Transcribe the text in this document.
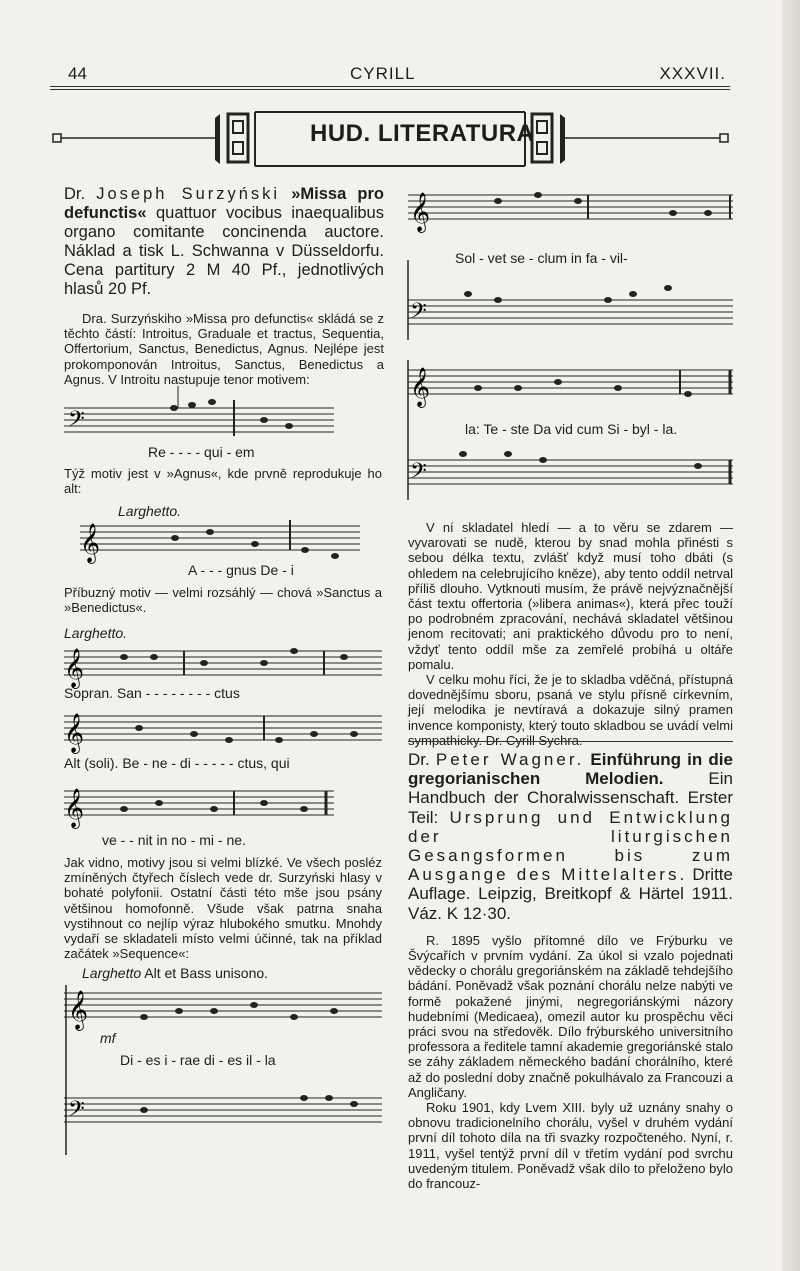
44	CYRILL	XXXVII.
HUD. LITERATURA

Dr. Joseph Surzyński »Missa pro defunctis« quattuor vocibus inaequalibus organo comitante concinenda auctore. Náklad a tisk L. Schwanna v Düsseldorfu. Cena partitury 2 M 40 Pf., jednotlivých hlasů 20 Pf.

Dra. Surzyńskiho »Missa pro defunctis« skládá se z těchto částí: Introitus, Graduale et tractus, Sequentia, Offertorium, Sanctus, Benedictus, Agnus. Nejlépe jest prokomponován Introitus, Sanctus, Benedictus a Agnus. V Introitu nastupuje tenor motivem:

𝄢
Re - - - - qui - em
Týž motiv jest v »Agnus«, kde prvně reprodukuje ho alt:
Larghetto.
𝄞
A - - - gnus De - i
Příbuzný motiv — velmi rozsáhlý — chová »Sanctus a »Benedictus«.
Larghetto.
𝄞
Sopran. San - - - - - - - - ctus
𝄞
Alt (soli). Be - ne - di - - - - - ctus, qui
𝄞
ve - - nit in no - mi - ne.
Jak vidno, motivy jsou si velmi blízké. Ve všech posléz zmíněných čtyřech číslech vede dr. Surzyński hlasy v bohaté polyfonii. Ostatní části této mše jsou psány většinou homofonně. Všude však patrna snaha vystihnout co nejlíp výraz hlubokého smutku. Mnohdy vydaří se skladateli místo velmi účinné, tak na příklad začátek »Sequence«:
Larghetto Alt et Bass unisono.
𝄞
mf
Di - es i - rae di - es il - la
𝄢
𝄞
Sol - vet se - clum in fa - vil-
𝄢
𝄞
la: Te - ste Da vid cum Si - byl - la.
𝄢

V ní skladatel hledí — a to věru se zdarem — vyvarovati se nudě, kterou by snad mohla přinésti s sebou délka textu, zvlášť když musí toho dbáti (s ohledem na celebrujícího kněze), aby tento oddíl netrval příliš dlouho. Vytknouti musím, že právě nejvýznačnější část textu offertoria (»libera animas«), která přec touží po podrobném zpracování, nechává skladatel většinou jenom recitovati; ani praktického důvodu pro to není, vždyť tento oddíl mše za zemřelé probíhá u oltáře pomalu.

V celku mohu říci, že je to skladba vděčná, přístupná dovednějšímu sboru, psaná ve stylu přísně církevním, její melodika je nevtíravá a dokazuje silný pramen invence komponisty, který touto skladbou se uvádí velmi sympathicky. Dr. Cyrill Sychra.

Dr. Peter Wagner. Einführung in die gregorianischen Melodien.	Ein Handbuch der Choralwissenschaft. Erster Teil: Ursprung und Entwicklung der liturgischen Gesangsformen bis zum Ausgange des Mittelalters. Dritte Auflage. Leipzig, Breitkopf & Härtel 1911. Váz. K 12·30.

R. 1895 vyšlo přítomné dílo ve Frýburku ve Švýcařích v prvním vydání. Za úkol si vzalo pojednati vědecky o chorálu gregoriánském na základě tehdejšího bádání. Poněvadž však poznání chorálu nelze nabýti ve formě pokažené jinými, negregoriánskými názory hudebními (Medicaea), omezil autor ku prospěchu věci práci svou na středověk. Dílo frýburského universitního professora a ředitele tamní akademie gregoriánské stalo se záhy základem německého badání chorálního, které až do poslední doby značně pokulhávalo za Francouzi a Angličany.

Roku 1901, kdy Lvem XIII. byly už uznány snahy o obnovu tradicionelního chorálu, vyšel v druhém vydání první díl tohoto díla na tři svazky rozpočteného. Nyní, r. 1911, vyšel tentýž první díl v třetím vydání pod svrchu uvedeným titulem. Poněvadž však dílo to přeloženo bylo do francouz-
